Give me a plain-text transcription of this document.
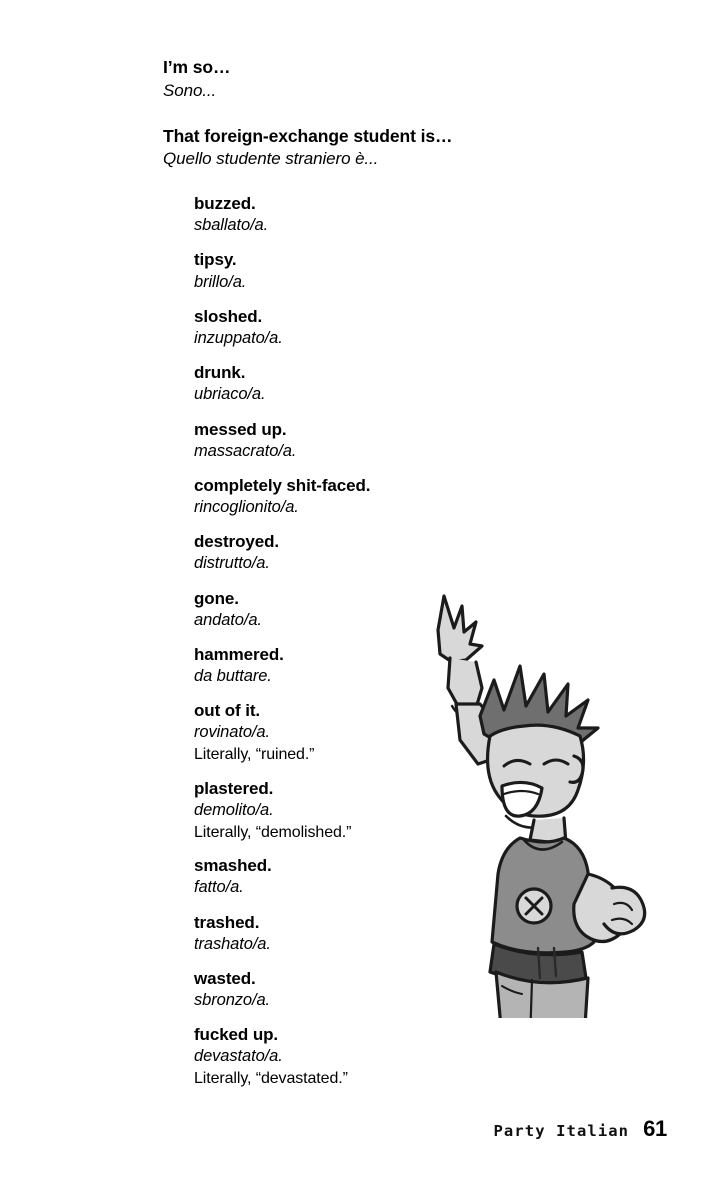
I’m so…
Sono...
That foreign-exchange student is…
Quello studente straniero è...
buzzed.
sballato/a.
tipsy.
brillo/a.
sloshed.
inzuppato/a.
drunk.
ubriaco/a.
messed up.
massacrato/a.
completely shit-faced.
rincoglionito/a.
destroyed.
distrutto/a.
gone.
andato/a.
hammered.
da buttare.
out of it.
rovinato/a.
Literally, “ruined.”
plastered.
demolito/a.
Literally, “demolished.”
smashed.
fatto/a.
trashed.
trashato/a.
wasted.
sbronzo/a.
fucked up.
devastato/a.
Literally, “devastated.”
Party Italian 61
